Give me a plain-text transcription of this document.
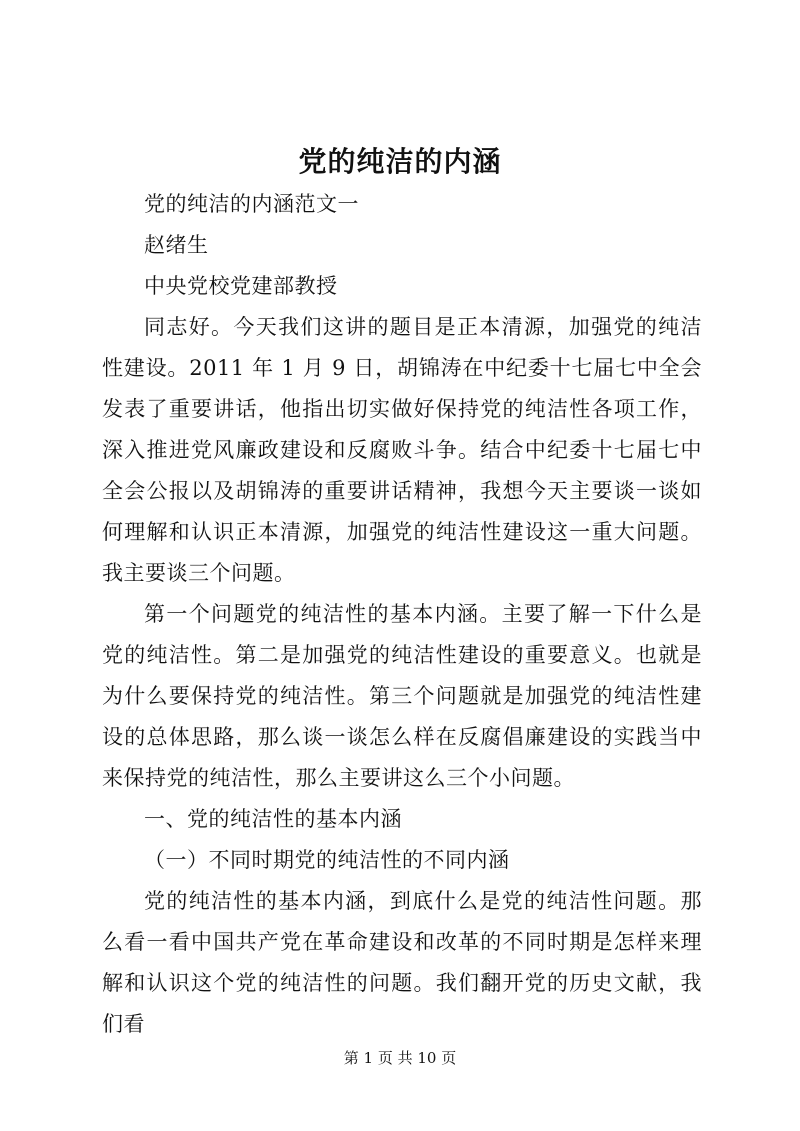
党的纯洁的内涵

党的纯洁的内涵范文一

赵绪生

中央党校党建部教授

同志好。今天我们这讲的题目是正本清源，加强党的纯洁性建设。2011 年 1 月 9 日，胡锦涛在中纪委十七届七中全会发表了重要讲话，他指出切实做好保持党的纯洁性各项工作，深入推进党风廉政建设和反腐败斗争。结合中纪委十七届七中全会公报以及胡锦涛的重要讲话精神，我想今天主要谈一谈如何理解和认识正本清源，加强党的纯洁性建设这一重大问题。我主要谈三个问题。

第一个问题党的纯洁性的基本内涵。主要了解一下什么是党的纯洁性。第二是加强党的纯洁性建设的重要意义。也就是为什么要保持党的纯洁性。第三个问题就是加强党的纯洁性建设的总体思路，那么谈一谈怎么样在反腐倡廉建设的实践当中来保持党的纯洁性，那么主要讲这么三个小问题。

一、党的纯洁性的基本内涵

（一）不同时期党的纯洁性的不同内涵

党的纯洁性的基本内涵，到底什么是党的纯洁性问题。那么看一看中国共产党在革命建设和改革的不同时期是怎样来理解和认识这个党的纯洁性的问题。我们翻开党的历史文献，我们看

第 1 页 共 10 页
